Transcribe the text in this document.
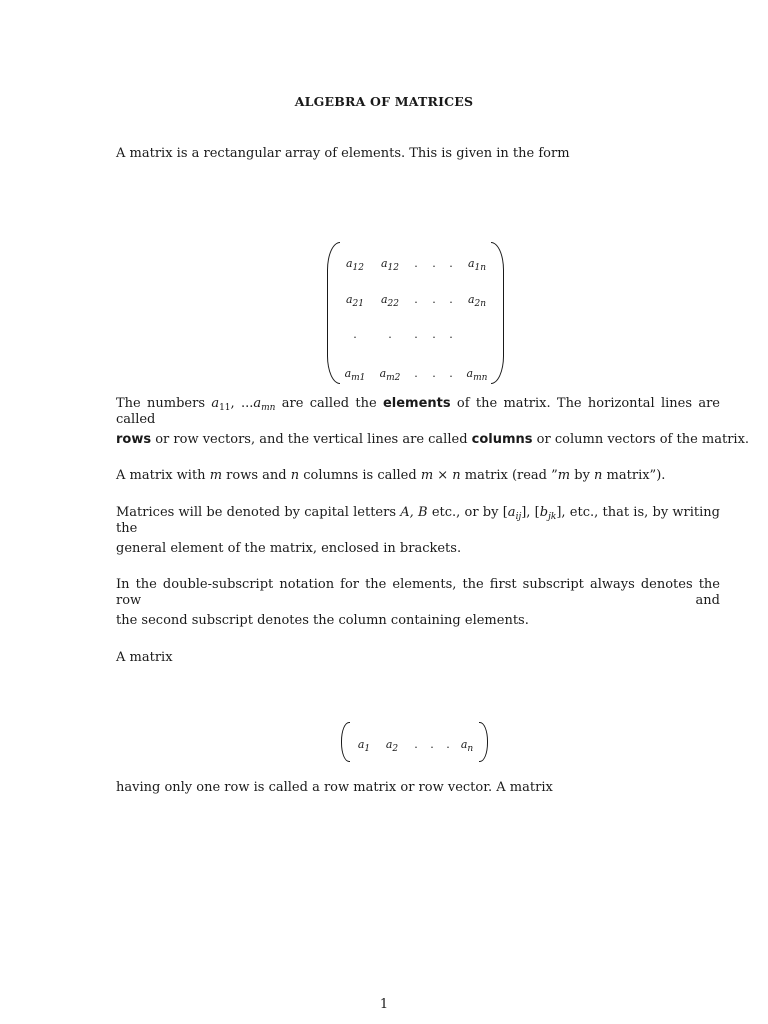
ALGEBRA OF MATRICES
A matrix is a rectangular array of elements. This is given in the form
$a_{12}$	$a_{12}$	. . .	$a_{1n}$
$a_{21}$	$a_{22}$	. . .	$a_{2n}$
.	. . . .
$a_{m1}$	$a_{m2}$	. . .	$a_{mn}$
The numbers $a_{11}$, $...a_{mn}$ are called the elements of the matrix. The horizontal lines are called
rows or row vectors, and the vertical lines are called columns or column vectors of the matrix.
A matrix with m rows and n columns is called m × n matrix (read ”m by n matrix”).
Matrices will be denoted by capital letters A, B etc., or by $[a_{ij}]$, $[b_{jk}]$, etc., that is, by writing the
general element of the matrix, enclosed in brackets.
In the double-subscript notation for the elements, the first subscript always denotes the row and
the second subscript denotes the column containing elements.
A matrix
$a_1$	$a_2$	. . .	$a_n$
having only one row is called a row matrix or row vector. A matrix
1
